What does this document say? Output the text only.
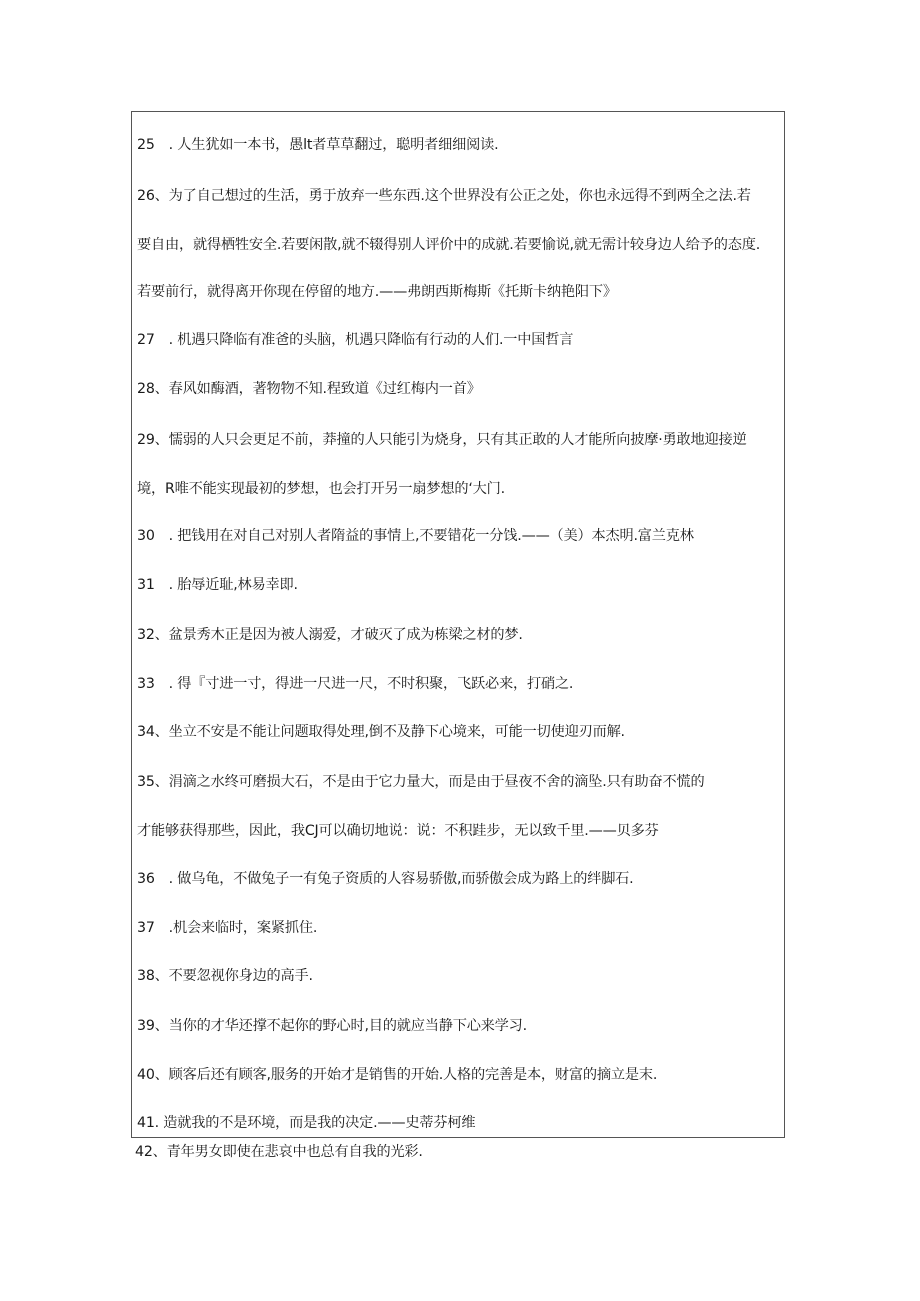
25　. 人生犹如一本书，愚lt者草草翻过，聪明者细细阅读.
26、为了自己想过的生活，勇于放弃一些东西.这个世界没有公正之处，你也永远得不到两全之法.若
要自由，就得栖牲安全.若要闲散,就不辍得别人评价中的成就.若要愉说,就无需计较身边人给予的态度.
若要前行，就得离开你现在停留的地方.——弗朗西斯梅斯《托斯卡纳艳阳下》
27　. 机遇只降临有准爸的头脑，机遇只降临有行动的人们.一中国哲言
28、春风如酶酒，著物物不知.程致道《过红梅内一首》
29、懦弱的人只会更足不前，莽撞的人只能引为烧身，只有其正敢的人才能所向披摩·勇敢地迎接逆
境，R唯不能实现最初的梦想，也会打开另一扇梦想的‘大门.
30　. 把钱用在对自己对别人者隋益的事情上,不要错花一分饯.——（美）本杰明.富兰克林
31　. 胎辱近耻,林易幸即.
32、盆景秀木正是因为被人溺爱，才破灭了成为栋梁之材的梦.
33　. 得『寸进一寸，得进一尺进一尺，不时积聚，飞跃必来，打硝之.
34、坐立不安是不能让问题取得处理,倒不及静下心境来，可能一切使迎刃而解.
35、涓滴之水终可磨损大石，不是由于它力量大，而是由于昼夜不舍的滴坠.只有助奋不慌的
才能够获得那些，因此，我CJ可以确切地说：说：不积跬步，无以致千里.——贝多芬
36　. 做乌龟，不做兔子一有兔子资质的人容易骄傲,而骄傲会成为路上的绊脚石.
37　.机会来临时，案紧抓住.
38、不要忽视你身边的高手.
39、当你的才华还撑不起你的野心时,目的就应当静下心来学习.
40、顾客后还有顾客,服务的开始才是销售的开始.人格的完善是本，财富的摘立是末.
41. 造就我的不是环境，而是我的决定.——史蒂芬柯维
42、青年男女即使在悲哀中也总有自我的光彩.
